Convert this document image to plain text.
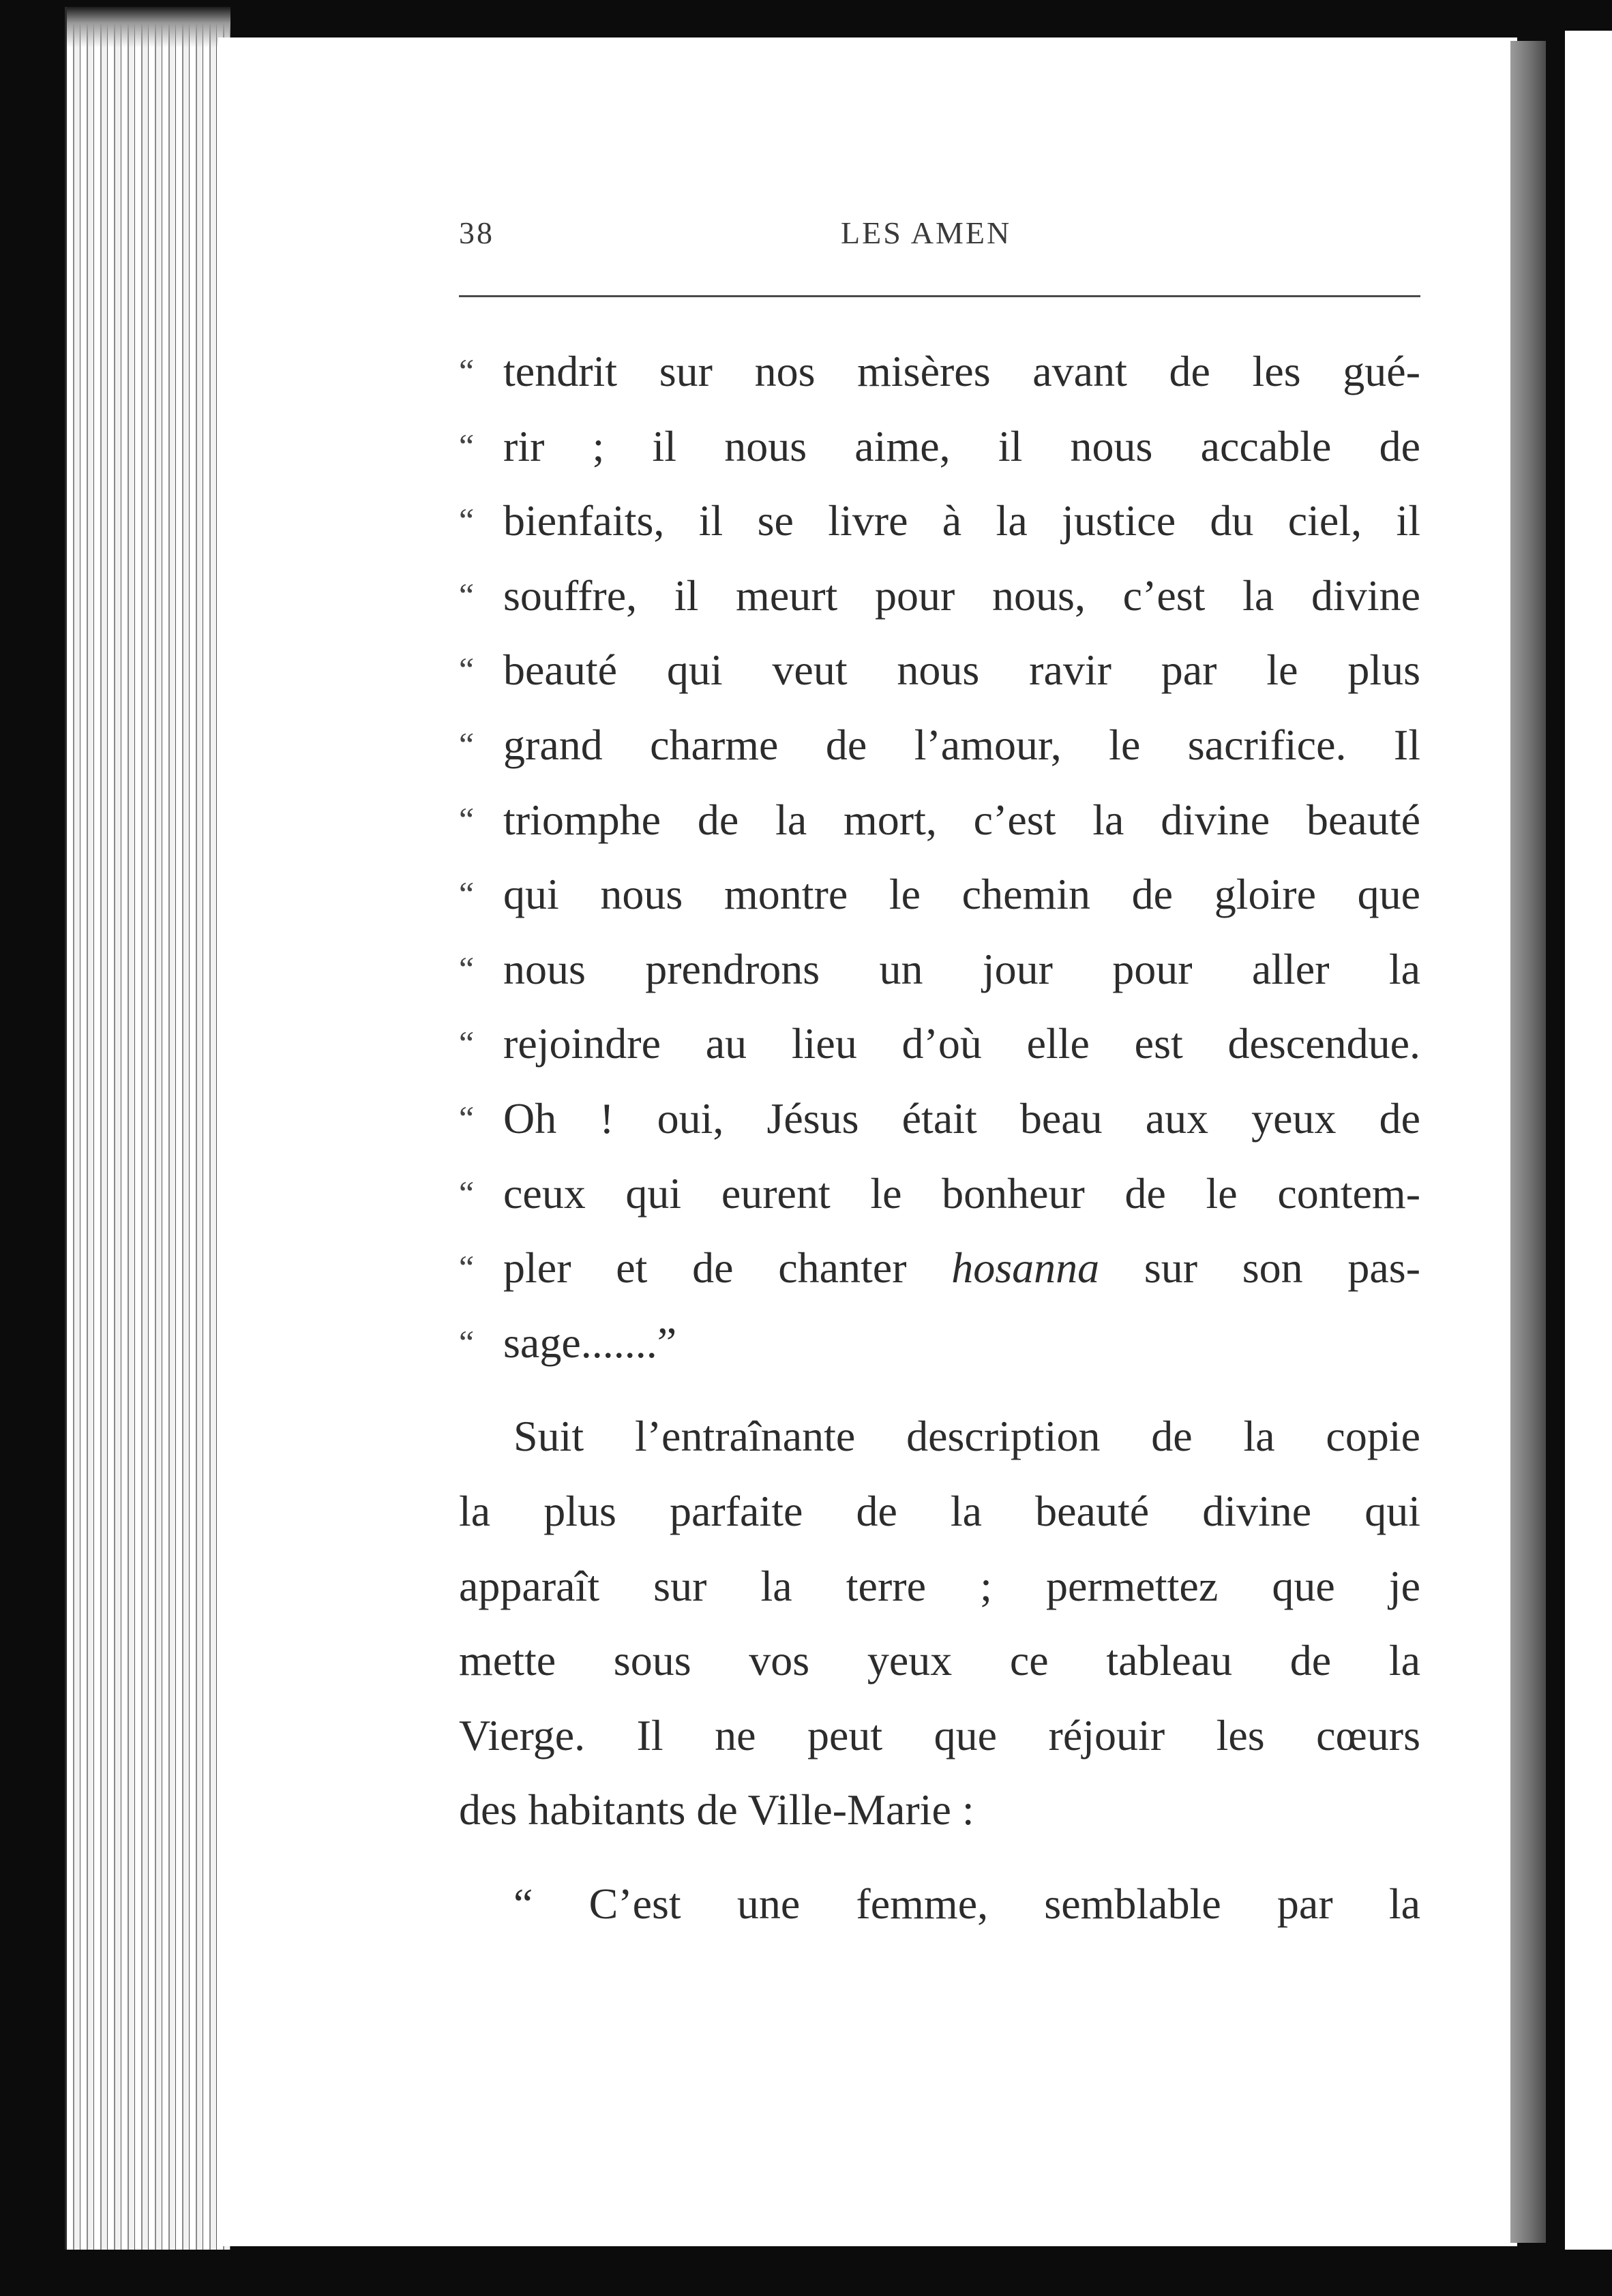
38	LES AMEN
“ tendrit sur nos misères avant de les gué-
“ rir ; il nous aime, il nous accable de
“ bienfaits, il se livre à la justice du ciel, il
“ souffre, il meurt pour nous, c’est la divine
“ beauté qui veut nous ravir par le plus
“ grand charme de l’amour, le sacrifice. Il
“ triomphe de la mort, c’est la divine beauté
“ qui nous montre le chemin de gloire que
“ nous prendrons un jour pour aller la
“ rejoindre au lieu d’où elle est descendue.
“ Oh ! oui, Jésus était beau aux yeux de
“ ceux qui eurent le bonheur de le contem-
“ pler et de chanter hosanna sur son pas-
“ sage.......”
Suit l’entraînante description de la copie
la plus parfaite de la beauté divine qui
apparaît sur la terre ; permettez que je
mette sous vos yeux ce tableau de la
Vierge. Il ne peut que réjouir les cœurs
des habitants de Ville-Marie :
“ C’est une femme, semblable par la
